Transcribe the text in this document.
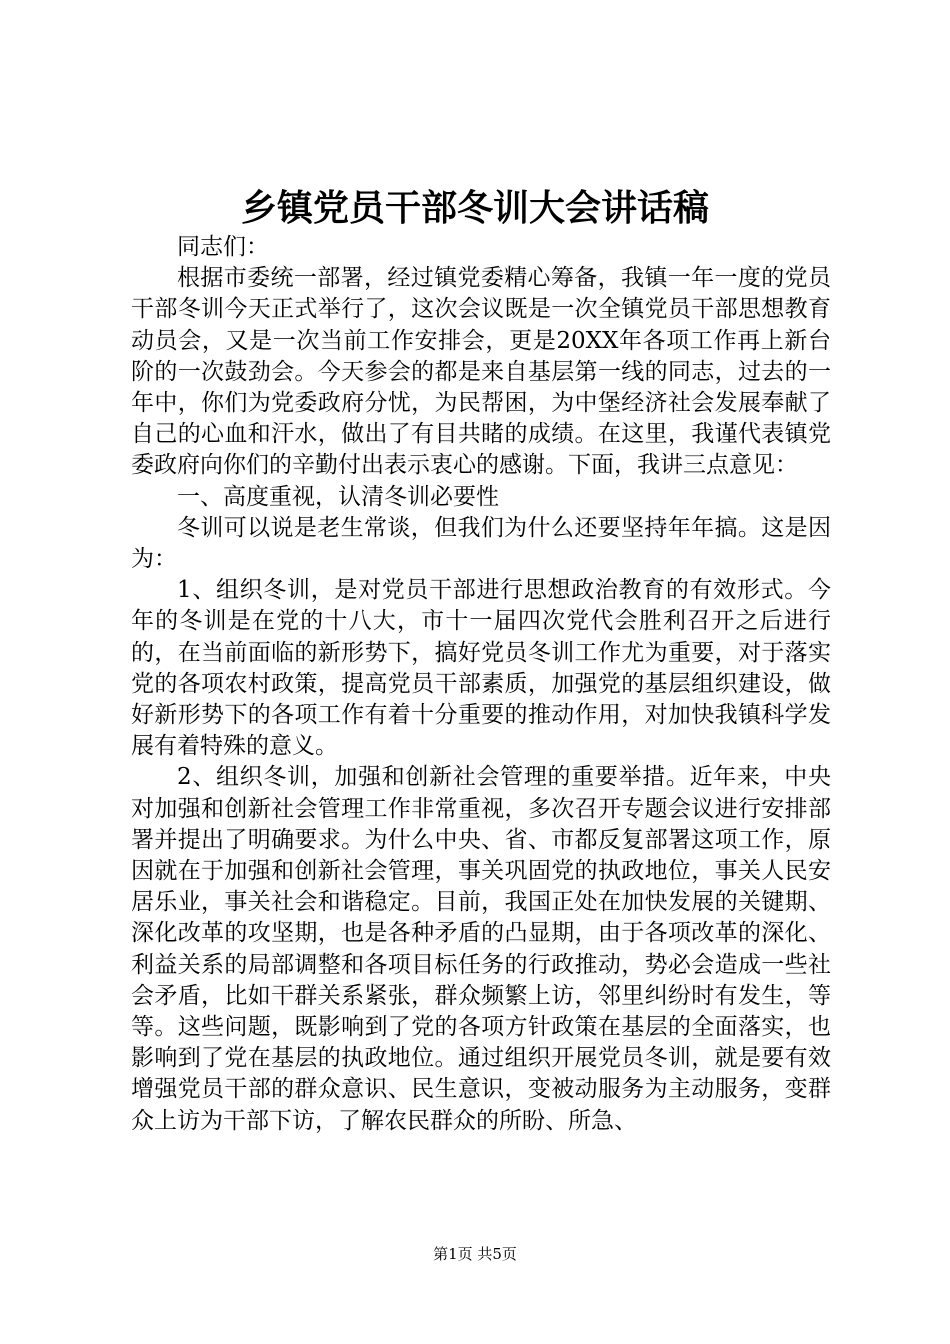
乡镇党员干部冬训大会讲话稿

同志们：

根据市委统一部署，经过镇党委精心筹备，我镇一年一度的党员干部冬训今天正式举行了，这次会议既是一次全镇党员干部思想教育动员会，又是一次当前工作安排会，更是20XX年各项工作再上新台阶的一次鼓劲会。今天参会的都是来自基层第一线的同志，过去的一年中，你们为党委政府分忧，为民帮困，为中堡经济社会发展奉献了自己的心血和汗水，做出了有目共睹的成绩。在这里，我谨代表镇党委政府向你们的辛勤付出表示衷心的感谢。下面，我讲三点意见：

一、高度重视，认清冬训必要性

冬训可以说是老生常谈，但我们为什么还要坚持年年搞。这是因为：

1、组织冬训，是对党员干部进行思想政治教育的有效形式。今年的冬训是在党的十八大，市十一届四次党代会胜利召开之后进行的，在当前面临的新形势下，搞好党员冬训工作尤为重要，对于落实党的各项农村政策，提高党员干部素质，加强党的基层组织建设，做好新形势下的各项工作有着十分重要的推动作用，对加快我镇科学发展有着特殊的意义。

2、组织冬训，加强和创新社会管理的重要举措。近年来，中央对加强和创新社会管理工作非常重视，多次召开专题会议进行安排部署并提出了明确要求。为什么中央、省、市都反复部署这项工作，原因就在于加强和创新社会管理，事关巩固党的执政地位，事关人民安居乐业，事关社会和谐稳定。目前，我国正处在加快发展的关键期、深化改革的攻坚期，也是各种矛盾的凸显期，由于各项改革的深化、利益关系的局部调整和各项目标任务的行政推动，势必会造成一些社会矛盾，比如干群关系紧张，群众频繁上访，邻里纠纷时有发生，等等。这些问题，既影响到了党的各项方针政策在基层的全面落实，也影响到了党在基层的执政地位。通过组织开展党员冬训，就是要有效增强党员干部的群众意识、民生意识，变被动服务为主动服务，变群众上访为干部下访，了解农民群众的所盼、所急、

第1页 共5页
